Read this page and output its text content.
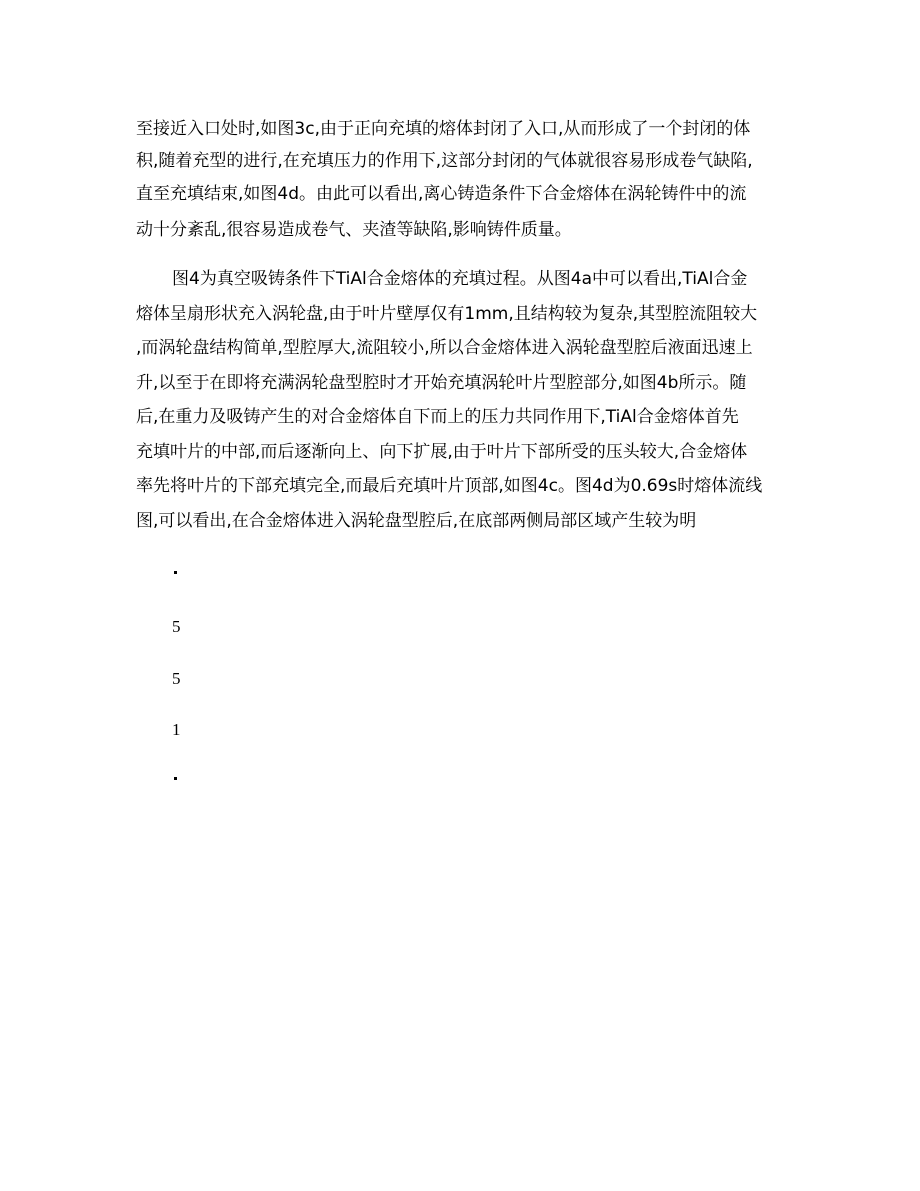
至接近入口处时,如图3c,由于正向充填的熔体封闭了入口,从而形成了一个封闭的体
积,随着充型的进行,在充填压力的作用下,这部分封闭的气体就很容易形成卷气缺陷,
直至充填结束,如图4d。由此可以看出,离心铸造条件下合金熔体在涡轮铸件中的流
动十分紊乱,很容易造成卷气、夹渣等缺陷,影响铸件质量。
图4为真空吸铸条件下TiAl合金熔体的充填过程。从图4a中可以看出,TiAl合金
熔体呈扇形状充入涡轮盘,由于叶片壁厚仅有1mm,且结构较为复杂,其型腔流阻较大
,而涡轮盘结构简单,型腔厚大,流阻较小,所以合金熔体进入涡轮盘型腔后液面迅速上
升,以至于在即将充满涡轮盘型腔时才开始充填涡轮叶片型腔部分,如图4b所示。随
后,在重力及吸铸产生的对合金熔体自下而上的压力共同作用下,TiAl合金熔体首先
充填叶片的中部,而后逐渐向上、向下扩展,由于叶片下部所受的压头较大,合金熔体
率先将叶片的下部充填完全,而最后充填叶片顶部,如图4c。图4d为0.69s时熔体流线
图,可以看出,在合金熔体进入涡轮盘型腔后,在底部两侧局部区域产生较为明
5
5
1
